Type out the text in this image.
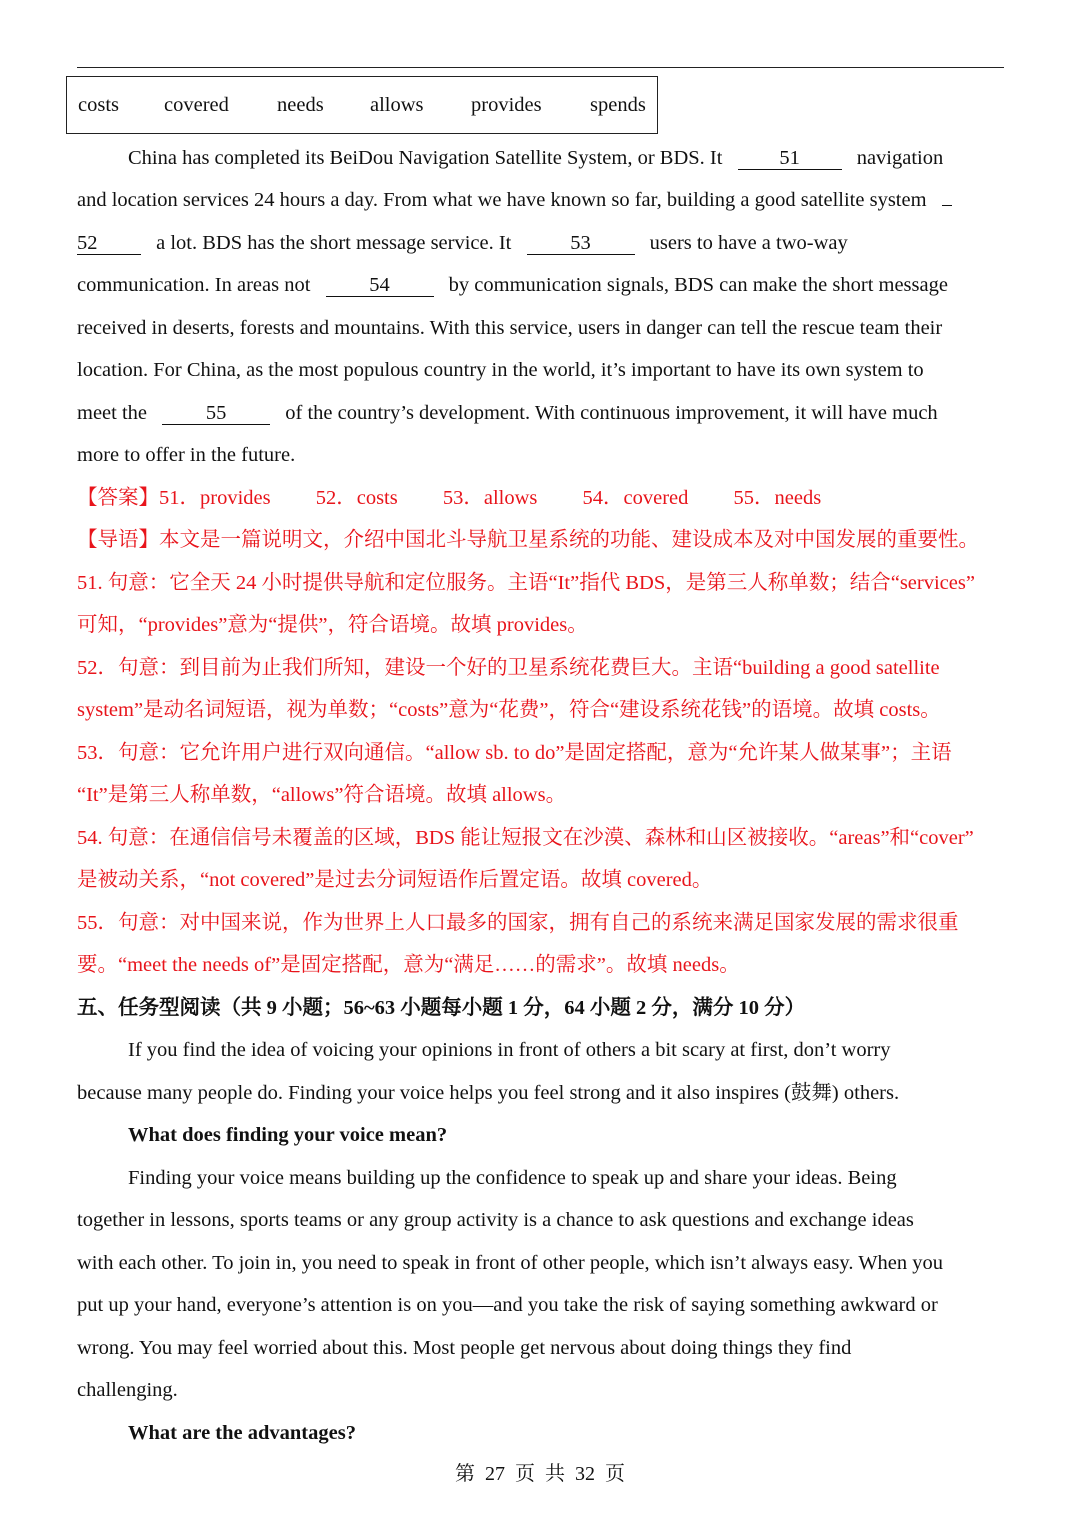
costs covered needs allows provides spends
China has completed its BeiDou Navigation Satellite System, or BDS. It	51	navigation
and location services 24 hours a day. From what we have known so far, building a good satellite system
52	a lot. BDS has the short message service. It	53	users to have a two-way
communication. In areas not	54	by communication signals, BDS can make the short message
received in deserts, forests and mountains. With this service, users in danger can tell the rescue team their
location. For China, as the most populous country in the world, it’s important to have its own system to
meet the	55	of the country’s development. With continuous improvement, it will have much
more to offer in the future.
【答案】51．provides 52．costs 53．allows 54．covered 55．needs
【导语】本文是一篇说明文，介绍中国北斗导航卫星系统的功能、建设成本及对中国发展的重要性。
51. 句意：它全天 24 小时提供导航和定位服务。主语“It”指代 BDS，是第三人称单数；结合“services”
可知，“provides”意为“提供”，符合语境。故填 provides。
52．句意：到目前为止我们所知，建设一个好的卫星系统花费巨大。主语“building a good satellite
system”是动名词短语，视为单数；“costs”意为“花费”，符合“建设系统花钱”的语境。故填 costs。
53．句意：它允许用户进行双向通信。“allow sb. to do”是固定搭配，意为“允许某人做某事”；主语
“It”是第三人称单数，“allows”符合语境。故填 allows。
54. 句意：在通信信号未覆盖的区域，BDS 能让短报文在沙漠、森林和山区被接收。“areas”和“cover”
是被动关系，“not covered”是过去分词短语作后置定语。故填 covered。
55．句意：对中国来说，作为世界上人口最多的国家，拥有自己的系统来满足国家发展的需求很重
要。“meet the needs of”是固定搭配，意为“满足……的需求”。故填 needs。
五、任务型阅读（共 9 小题；56~63 小题每小题 1 分，64 小题 2 分，满分 10 分）
If you find the idea of voicing your opinions in front of others a bit scary at first, don’t worry
because many people do. Finding your voice helps you feel strong and it also inspires (鼓舞) others.
What does finding your voice mean?
Finding your voice means building up the confidence to speak up and share your ideas. Being
together in lessons, sports teams or any group activity is a chance to ask questions and exchange ideas
with each other. To join in, you need to speak in front of other people, which isn’t always easy. When you
put up your hand, everyone’s attention is on you—and you take the risk of saying something awkward or
wrong. You may feel worried about this. Most people get nervous about doing things they find
challenging.
What are the advantages?
第  27  页  共  32  页
